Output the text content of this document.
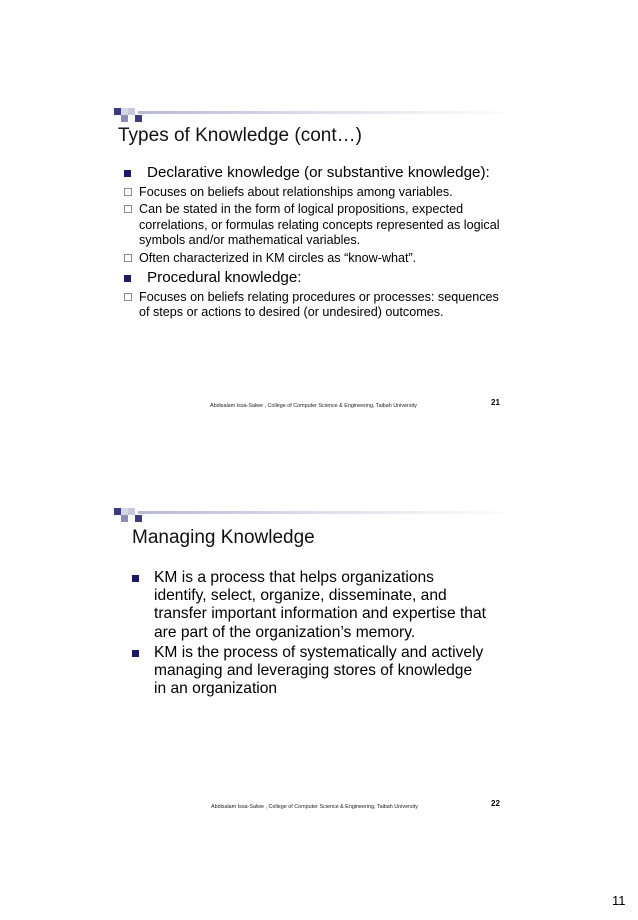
Types of Knowledge (cont…)
Declarative knowledge (or substantive knowledge):
Focuses on beliefs about relationships among variables.
Can be stated in the form of logical propositions, expected correlations, or formulas relating concepts represented as logical symbols and/or mathematical variables.
Often characterized in KM circles as “know-what”.
Procedural knowledge:
Focuses on beliefs relating procedures or processes: sequences of steps or actions to desired (or undesired) outcomes.
Abdisalam Issa-Salwe , College of Computer Science & Engineering, Taibah University	21
Managing Knowledge
KM is a process that helps organizations identify, select, organize, disseminate, and transfer important information and expertise that are part of the organization’s memory.
KM is the process of systematically and actively managing and leveraging stores of knowledge in an organization
Abdisalam Issa-Salwe , College of Computer Science & Engineering, Taibah University	22
11
